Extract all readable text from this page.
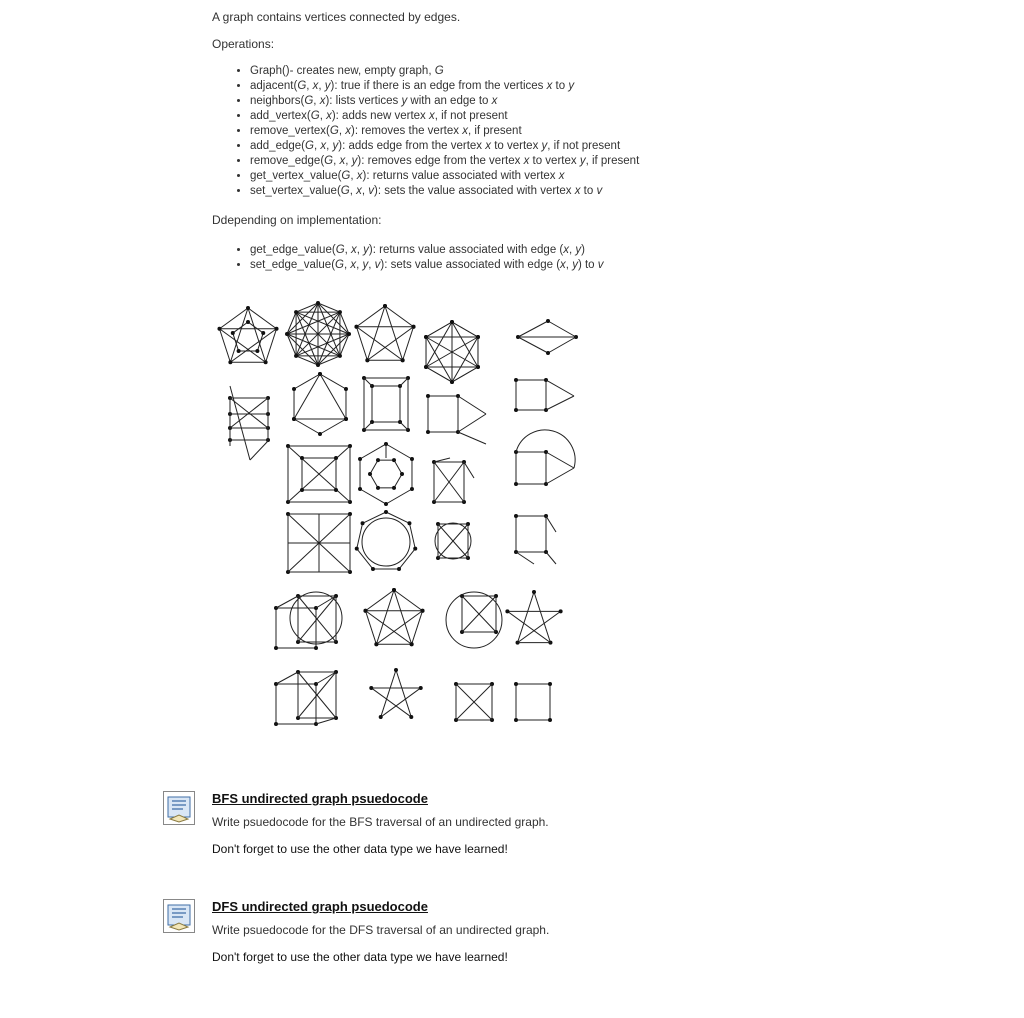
A graph contains vertices connected by edges.

Operations:

• Graph()- creates new, empty graph, G
• adjacent(G, x, y): true if there is an edge from the vertices x to y
• neighbors(G, x): lists vertices y with an edge to x
• add_vertex(G, x): adds new vertex x, if not present
• remove_vertex(G, x): removes the vertex x, if present
• add_edge(G, x, y): adds edge from the vertex x to vertex y, if not present
• remove_edge(G, x, y): removes edge from the vertex x to vertex y, if present
• get_vertex_value(G, x): returns value associated with vertex x
• set_vertex_value(G, x, v): sets the value associated with vertex x to v

Ddepending on implementation:

• get_edge_value(G, x, y): returns value associated with edge (x, y)
• set_edge_value(G, x, y, v): sets value associated with edge (x, y) to v
BFS undirected graph psuedocode
Write psuedocode for the BFS traversal of an undirected graph.
Don't forget to use the other data type we have learned!
DFS undirected graph psuedocode
Write psuedocode for the DFS traversal of an undirected graph.
Don't forget to use the other data type we have learned!
